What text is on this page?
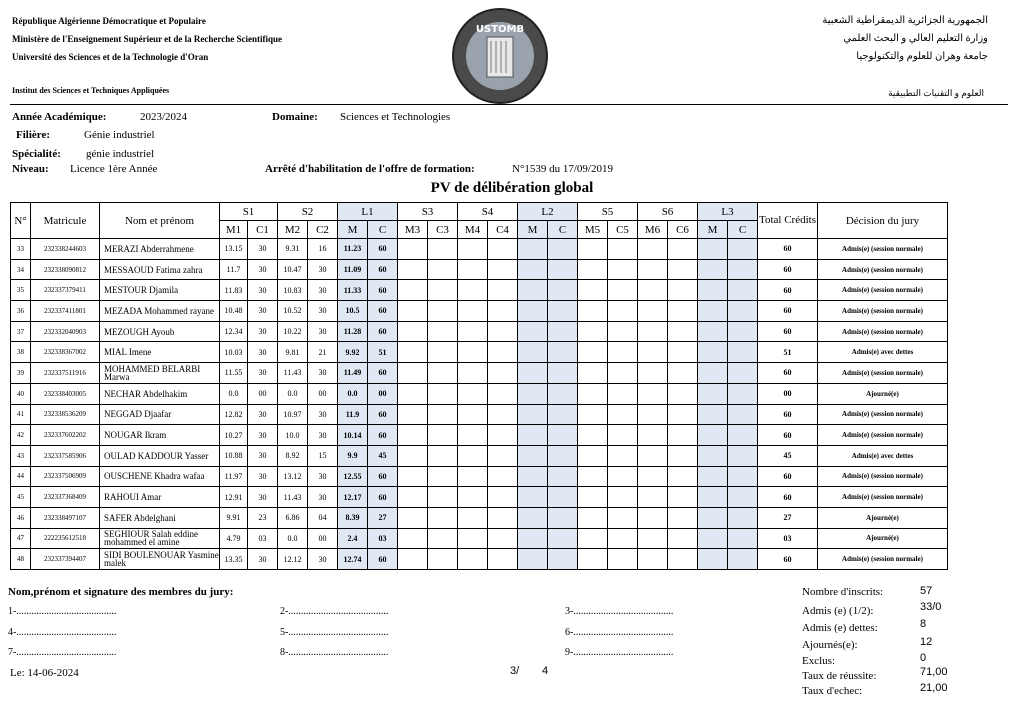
République Algérienne Démocratique et Populaire
Ministère de l'Enseignement Supérieur et de la Recherche Scientifique
Université des Sciences et de la Technologie d'Oran
Institut des Sciences et Techniques Appliquées
USTOMB
الجمهورية الجزائرية الديمقراطية الشعبية
وزارة التعليم العالي و البحث العلمي
جامعة وهران للعلوم والتكنولوجيا
العلوم و التقنيات التطبيقية
Année Académique:	2023/2024	Domaine: Sciences et Technologies
Filière:	Génie industriel
Spécialité: génie industriel
Niveau: Licence 1ère Année	Arrêté d'habilitation de l'offre de formation:	N°1539 du 17/09/2019
PV de délibération global
N°	Matricule	Nom et prénom	S1		S2		L1		S3		S4		L2		S5		S6		L3		Total Crédits	Décision du jury
			M1	C1	M2	C2	M	C	M3	C3	M4	C4	M	C	M5	C5	M6	C6	M	C		
33	232338244603	MERAZI Abderrahmene	13.15	30	9.31	16	11.23	60													60	Admis(e) (session normale)
34	232338090812	MESSAOUD Fatima zahra	11.7	30	10.47	30	11.09	60													60	Admis(e) (session normale)
35	232337379411	MESTOUR Djamila	11.83	30	10.83	30	11.33	60													60	Admis(e) (session normale)
36	232337411801	MEZADA Mohammed rayane	10.48	30	10.52	30	10.5	60													60	Admis(e) (session normale)
37	232332040903	MEZOUGH Ayoub	12.34	30	10.22	30	11.28	60													60	Admis(e) (session normale)
38	232338367002	MIAL Imene	10.03	30	9.81	21	9.92	51													51	Admis(e) avec dettes
39	232337511916	MOHAMMED BELARBI Marwa	11.55	30	11.43	30	11.49	60													60	Admis(e) (session normale)
40	232338403005	NECHAR Abdelhakim	0.0	00	0.0	00	0.0	00													00	Ajourné(e)
41	232338536209	NEGGAD Djaafar	12.82	30	10.97	30	11.9	60													60	Admis(e) (session normale)
42	232337602202	NOUGAR Ikram	10.27	30	10.0	30	10.14	60													60	Admis(e) (session normale)
43	232337585906	OULAD KADDOUR Yasser	10.88	30	8.92	15	9.9	45													45	Admis(e) avec dettes
44	232337506909	OUSCHENE Khadra wafaa	11.97	30	13.12	30	12.55	60													60	Admis(e) (session normale)
45	232337368409	RAHOUI Amar	12.91	30	11.43	30	12.17	60													60	Admis(e) (session normale)
46	232338497107	SAFER Abdelghani	9.91	23	6.86	04	8.39	27													27	Ajourné(e)
47	222235612518	SEGHIOUR Salah eddine mohammed el amine	4.79	03	0.0	00	2.4	03													03	Ajourné(e)
48	232337394407	SIDI BOULENOUAR Yasmine malek	13.35	30	12.12	30	12.74	60													60	Admis(e) (session normale)
Nom,prénom et signature des membres du jury:
1-........................................	2-........................................	3-........................................
4-........................................	5-........................................	6-........................................
7-........................................	8-........................................	9-........................................
Le: 14-06-2024	3/ 4
Nombre d'inscrits:	57
Admis (e) (1/2):	33/0
Admis (e) dettes:	8
Ajournés(e):	12
Exclus:	0
Taux de réussite:	71,00
Taux d'echec:	21,00
